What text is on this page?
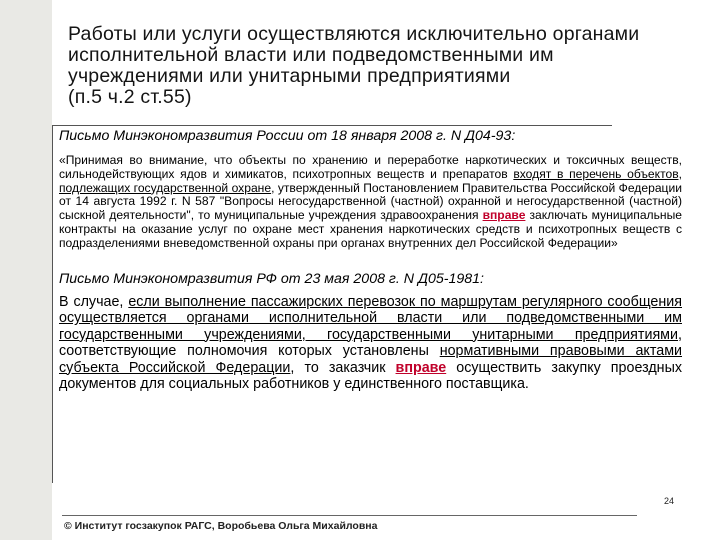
Работы или услуги осуществляются исключительно органами
исполнительной власти или подведомственными им
учреждениями или унитарными предприятиями
(п.5 ч.2 ст.55)

Письмо Минэкономразвития России от 18 января 2008 г. N Д04-93:

«Принимая во внимание, что объекты по хранению и переработке наркотических и токсичных веществ, сильнодействующих ядов и химикатов, психотропных веществ и препаратов входят в перечень объектов, подлежащих государственной охране, утвержденный Постановлением Правительства Российской Федерации от 14 августа 1992 г. N 587 "Вопросы негосударственной (частной) охранной и негосударственной (частной) сыскной деятельности", то муниципальные учреждения здравоохранения вправе заключать муниципальные контракты на оказание услуг по охране мест хранения наркотических средств и психотропных веществ с подразделениями вневедомственной охраны при органах внутренних дел Российской Федерации»

Письмо Минэкономразвития РФ от 23 мая 2008 г. N Д05-1981:

В случае, если выполнение пассажирских перевозок по маршрутам регулярного сообщения осуществляется органами исполнительной власти или подведомственными им государственными учреждениями, государственными унитарными предприятиями, соответствующие полномочия которых установлены нормативными правовыми актами субъекта Российской Федерации, то заказчик вправе осуществить закупку проездных документов для социальных работников у единственного поставщика.

24
© Институт госзакупок РАГС, Воробьева Ольга Михайловна
